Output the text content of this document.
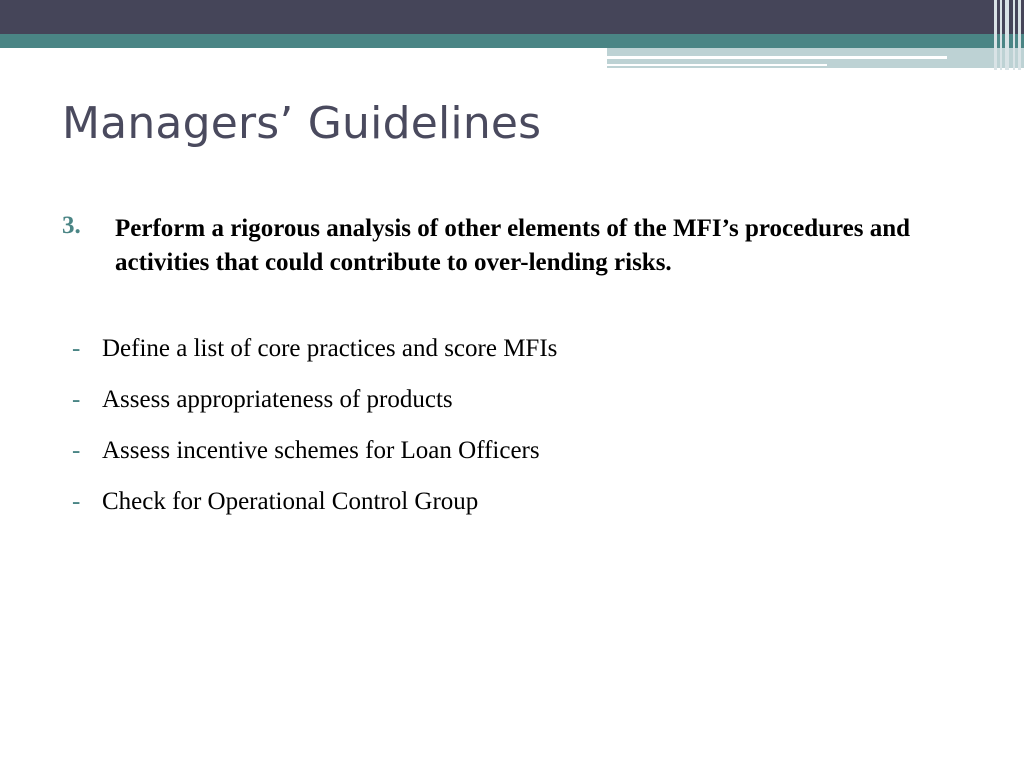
Managers’ Guidelines
3. Perform a rigorous analysis of other elements of the MFI’s procedures and activities that could contribute to over-lending risks.
- Define a list of core practices and score MFIs
- Assess appropriateness of products
- Assess incentive schemes for Loan Officers
- Check for Operational Control Group
